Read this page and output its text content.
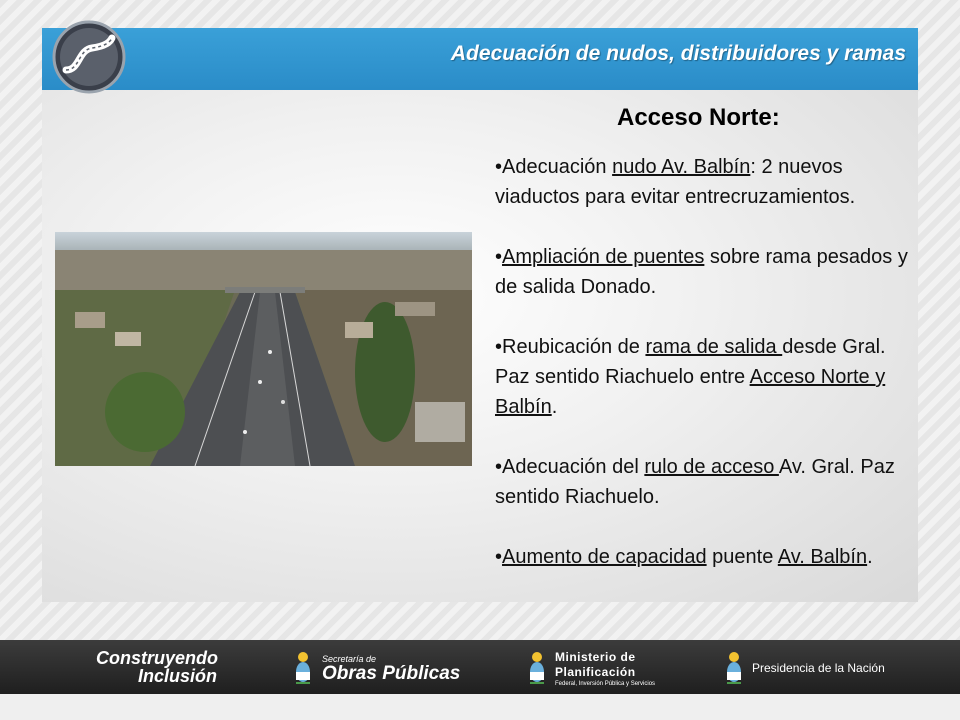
Adecuación de nudos, distribuidores y ramas
Acceso Norte:
•Adecuación nudo Av. Balbín: 2 nuevos viaductos para evitar entrecruzamientos.
•Ampliación de puentes sobre rama pesados y de salida Donado.
•Reubicación de rama de salida desde Gral. Paz sentido Riachuelo entre Acceso Norte y Balbín.
•Adecuación del rulo de acceso Av. Gral. Paz sentido Riachuelo.
•Aumento de capacidad puente Av. Balbín.
Construyendo
Inclusión
Secretaría de
Obras Públicas
Ministerio de
Planificación
Federal, Inversión Pública y Servicios
Presidencia de la Nación
